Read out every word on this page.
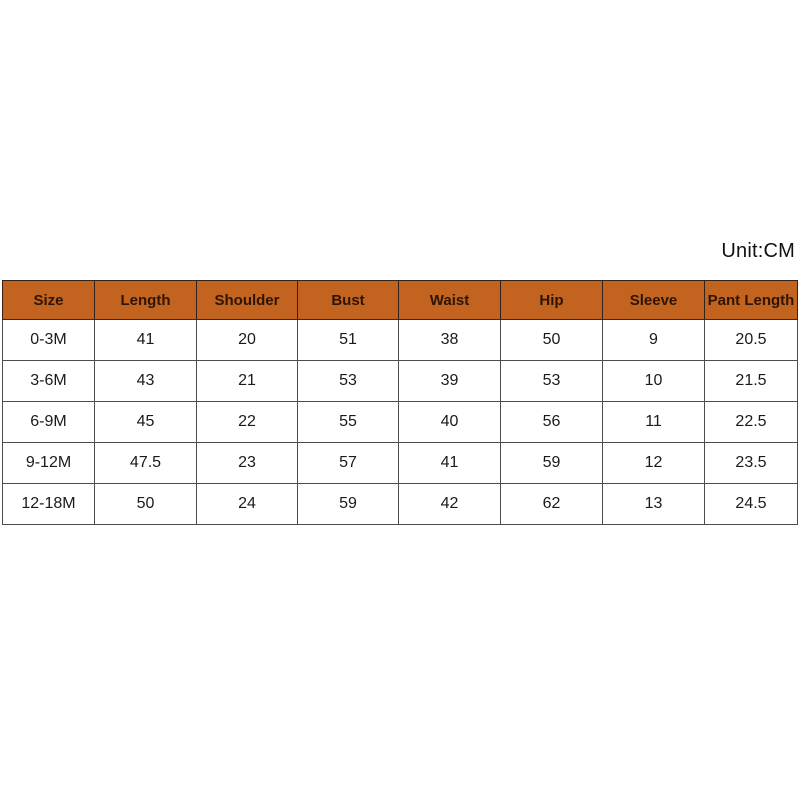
Unit:CM
Size	Length	Shoulder	Bust	Waist	Hip	Sleeve	Pant Length
0-3M	41	20	51	38	50	9	20.5
3-6M	43	21	53	39	53	10	21.5
6-9M	45	22	55	40	56	11	22.5
9-12M	47.5	23	57	41	59	12	23.5
12-18M	50	24	59	42	62	13	24.5
